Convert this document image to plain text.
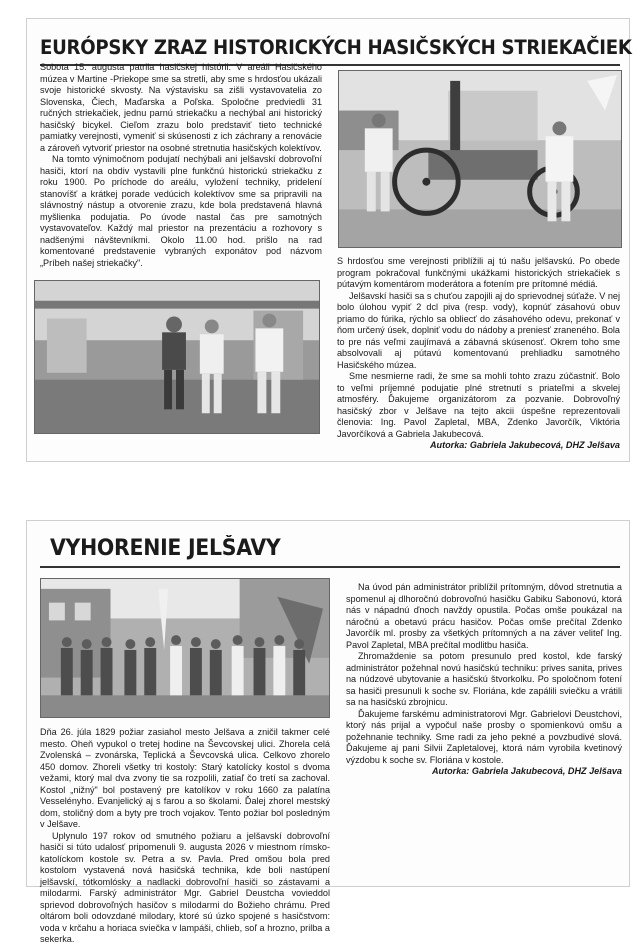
EURÓPSKY ZRAZ HISTORICKÝCH HASIČSKÝCH STRIEKAČIEK

Sobota 15. augusta patrila hasičskej histórii. V areáli Hasičského múzea v Martine -Priekope sme sa stretli, aby sme s hrdosťou ukázali svoje historické skvosty. Na výstavisku sa zišli vystavovatelia zo Slovenska, Čiech, Maďarska a Poľska. Spoločne predviedli 31 ručných striekačiek, jednu parnú striekačku a nechýbal ani historický hasičský bicykel. Cieľom zrazu bolo predstaviť tieto technické pamiatky verejnosti, vymeniť si skúsenosti z ich záchrany a renovácie a zároveň vytvoriť priestor na osobné stretnutia hasičských kolektívov.

Na tomto výnimočnom podujatí nechýbali ani jelšavskí dobrovoľní hasiči, ktorí na obdiv vystavili plne funkčnú historickú striekačku z roku 1900. Po príchode do areálu, vyložení techniky, pridelení stanovíšť a krátkej porade vedúcich kolektívov sme sa pripravili na slávnostný nástup a otvorenie zrazu, kde bola predstavená hlavná myšlienka podujatia. Po úvode nastal čas pre samotných vystavovateľov. Každý mal priestor na prezentáciu a rozhovory s nadšenými návštevníkmi. Okolo 11.00 hod. prišlo na rad komentované predstavenie vybraných exponátov pod názvom „Príbeh našej striekačky".	S hrdosťou sme verejnosti priblížili aj tú našu jelšavskú. Po obede program pokračoval funkčnými ukážkami historických striekačiek s pútavým komentárom moderátora a fotením pre prítomné médiá.

Jelšavskí hasiči sa s chuťou zapojili aj do sprievodnej súťaže. V nej bolo úlohou vypiť 2 dcl piva (resp. vody), kopnúť zásahovú obuv priamo do fúrika, rýchlo sa obliecť do zásahového odevu, prekonať v ňom určený úsek, doplniť vodu do nádoby a preniesť zraneného. Bola to pre nás veľmi zaujímavá a zábavná skúsenosť. Okrem toho sme absolvovali aj pútavú komentovanú prehliadku samotného Hasičského múzea.

Sme nesmierne radi, že sme sa mohli tohto zrazu zúčastniť. Bolo to veľmi príjemné podujatie plné stretnutí s priateľmi a skvelej atmosféry. Ďakujeme organizátorom za pozvanie. Dobrovoľný hasičský zbor v Jelšave na tejto akcii úspešne reprezentovali členovia: Ing. Pavol Zapletal, MBA, Zdenko Javorčík, Viktória Javorčíková a Gabriela Jakubecová.

Autorka: Gabriela Jakubecová, DHZ Jelšava

VYHORENIE JELŠAVY

Dňa 26. júla 1829 požiar zasiahol mesto Jelšava a zničil takmer celé mesto. Oheň vypukol o tretej hodine na Ševcovskej ulici. Zhorela celá Zvolenská – zvonárska, Teplická a Ševcovská ulica. Celkovo zhorelo 450 domov. Zhoreli všetky tri kostoly: Starý katolícky kostol s dvoma vežami, ktorý mal dva zvony tie sa rozpolili, zatiaľ čo tretí sa zachoval. Kostol „nižný" bol postavený pre katolíkov v roku 1660 za palatína Vesselényho. Evanjelický aj s farou a so školami. Ďalej zhorel mestský dom, stoličný dom a byty pre troch vojakov. Tento požiar bol posledným v Jelšave.

Uplynulo 197 rokov od smutného požiaru a jelšavskí dobrovoľní hasiči si túto udalosť pripomenuli 9. augusta 2026 v miestnom rímsko-katolíckom kostole sv. Petra a sv. Pavla. Pred omšou bola pred kostolom vystavená nová hasičská technika, kde boli nastúpení jelšavskí, tótkomlósky a nadlacki dobrovoľní hasiči so zástavami a milodarmi. Farský administrátor Mgr. Gabriel Deustcha vovieddol sprievod dobrovoľných hasičov s milodarmi do Božieho chrámu. Pred oltárom boli odovzdané milodary, ktoré sú úzko spojené s hasičstvom: voda v krčahu a horiaca sviečka v lampáši, chlieb, soľ a hrozno, prilba a sekerka.

Na úvod pán administrátor priblížil prítomným, dôvod stretnutia a spomenul aj dlhoročnú dobrovoľnú hasičku Gabiku Sabonovú, ktorá nás v nápadnú ďnoch navždy opustila. Počas omše poukázal na náročnú a obetavú prácu hasičov. Počas omše prečítal Zdenko Javorčík ml. prosby za všetkých prítomných a na záver veliteľ Ing. Pavol Zapletal, MBA prečítal modlitbu hasiča.

Zhromaždenie sa potom presunulo pred kostol, kde farský administrátor požehnal novú hasičskú techniku: prives sanita, prives na núdzové ubytovanie a hasičskú štvorkolku. Po spoločnom fotení sa hasiči presunuli k soche sv. Floriána, kde zapálili sviečku a vrátili sa na hasičskú zbrojnicu.

Ďakujeme farskému administratorovi Mgr. Gabrielovi Deustchovi, ktorý nás prijal a vypočul naše prosby o spomienkovú omšu a požehnanie techniky. Sme radi za jeho pekné a povzbudivé slová. Ďakujeme aj pani Silvii Zapletalovej, ktorá nám vyrobila kvetinový výzdobu k soche sv. Floriána v kostole.

Autorka: Gabriela Jakubecová, DHZ Jelšava
